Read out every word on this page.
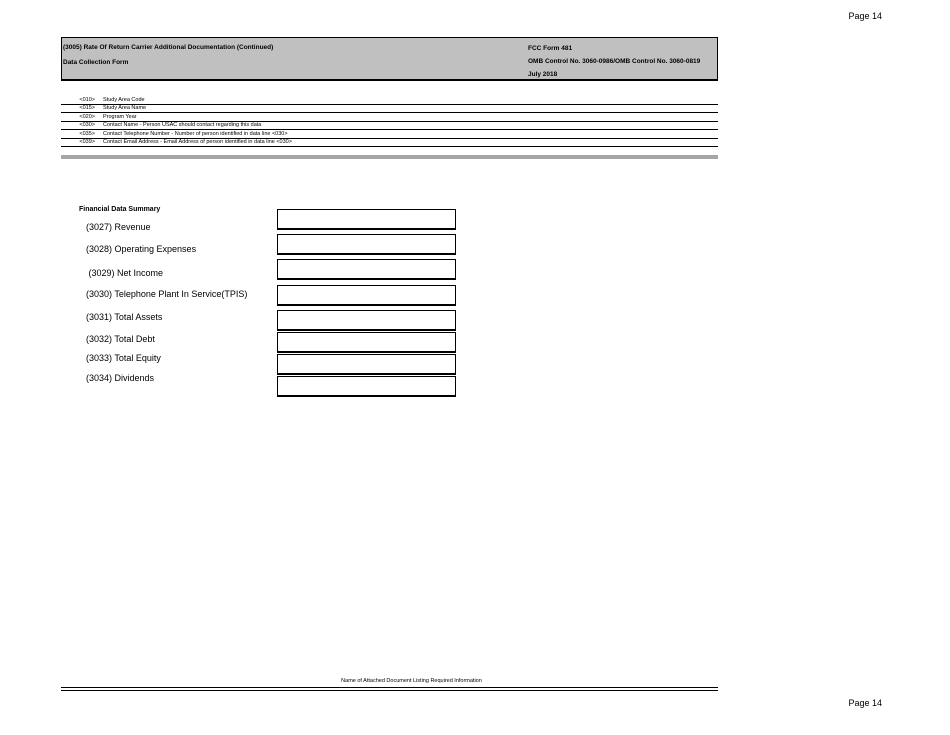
Page 14
(3005) Rate Of Return Carrier Additional Documentation (Continued)
Data Collection Form
FCC Form 481
OMB Control No. 3060-0986/OMB Control No. 3060-0819
July 2018
<010> Study Area Code
<015> Study Area Name
<020> Program Year
<030> Contact Name - Person USAC should contact regarding this data
<035> Contact Telephone Number - Number of person identified in data line <030>
<039> Contact Email Address - Email Address of person identified in data line <030>
Financial Data Summary
(3027) Revenue
(3028) Operating Expenses
(3029) Net Income
(3030) Telephone Plant In Service(TPIS)
(3031) Total Assets
(3032) Total Debt
(3033) Total Equity
(3034) Dividends
Name of Attached Document Listing Required Information
Page 14
